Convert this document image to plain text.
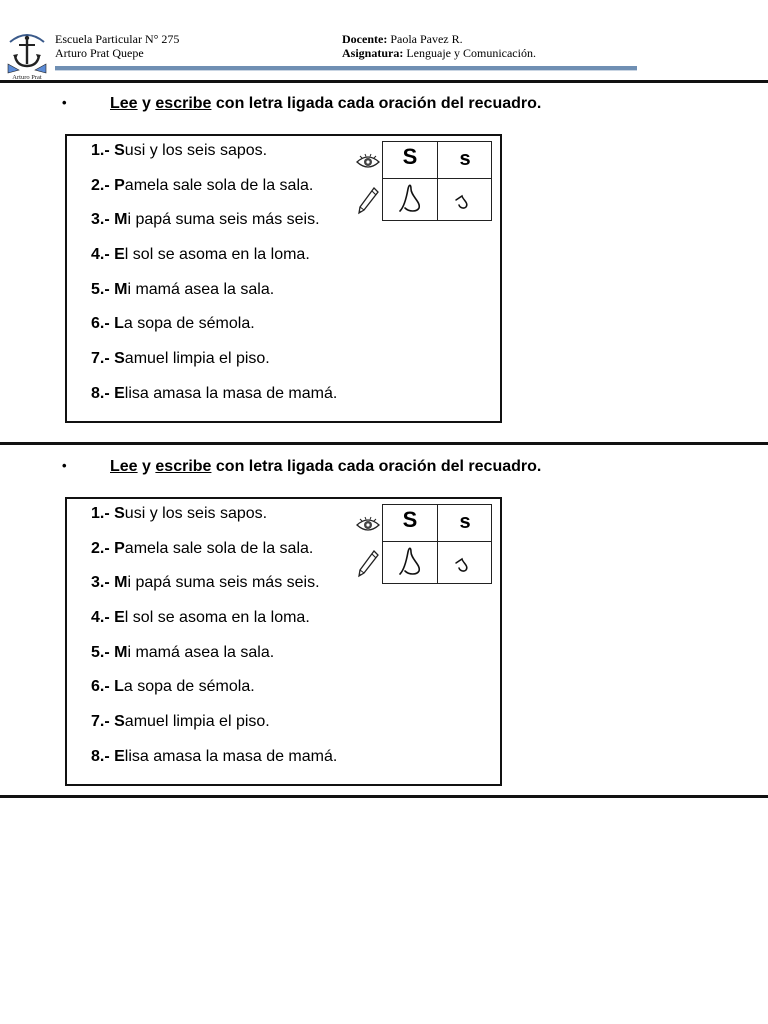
Arturo Prat
Escuela Particular N° 275
Arturo Prat Quepe
Docente: Paola Pavez R.
Asignatura: Lenguaje y Comunicación.
•	Lee y escribe con letra ligada cada oración del recuadro.
1.- Susi y los seis sapos.
2.- Pamela sale sola de la sala.
3.- Mi papá suma seis más seis.
4.- El sol se asoma en la loma.
5.- Mi mamá asea la sala.
6.- La sopa de sémola.
7.- Samuel limpia el piso.
8.- Elisa amasa la masa de mamá.
S	s
•	Lee y escribe con letra ligada cada oración del recuadro.
1.- Susi y los seis sapos.
2.- Pamela sale sola de la sala.
3.- Mi papá suma seis más seis.
4.- El sol se asoma en la loma.
5.- Mi mamá asea la sala.
6.- La sopa de sémola.
7.- Samuel limpia el piso.
8.- Elisa amasa la masa de mamá.
S	s
